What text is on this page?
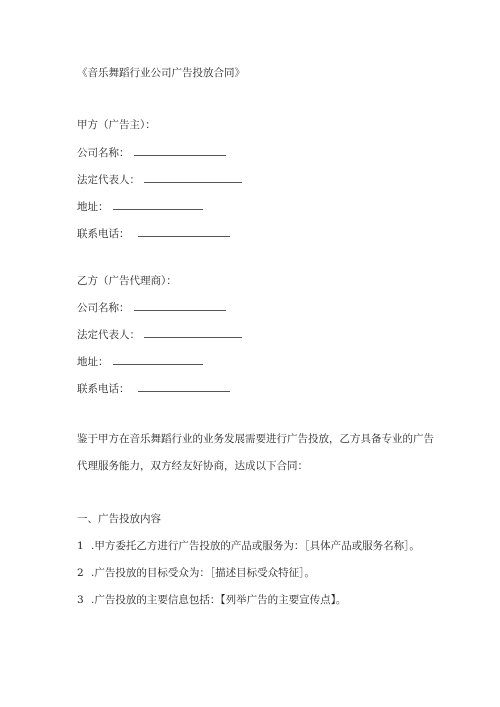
《音乐舞蹈行业公司广告投放合同》
甲方（广告主）：
公司名称：
法定代表人：
地址：
联系电话：
乙方（广告代理商）：
公司名称：
法定代表人：
地址：
联系电话：
鉴于甲方在音乐舞蹈行业的业务发展需要进行广告投放，乙方具备专业的广告
代理服务能力，双方经友好协商，达成以下合同：
一、广告投放内容
1 .甲方委托乙方进行广告投放的产品或服务为：［具体产品或服务名称］。
2 .广告投放的目标受众为：［描述目标受众特征］。
3 .广告投放的主要信息包括：【列举广告的主要宣传点】。
